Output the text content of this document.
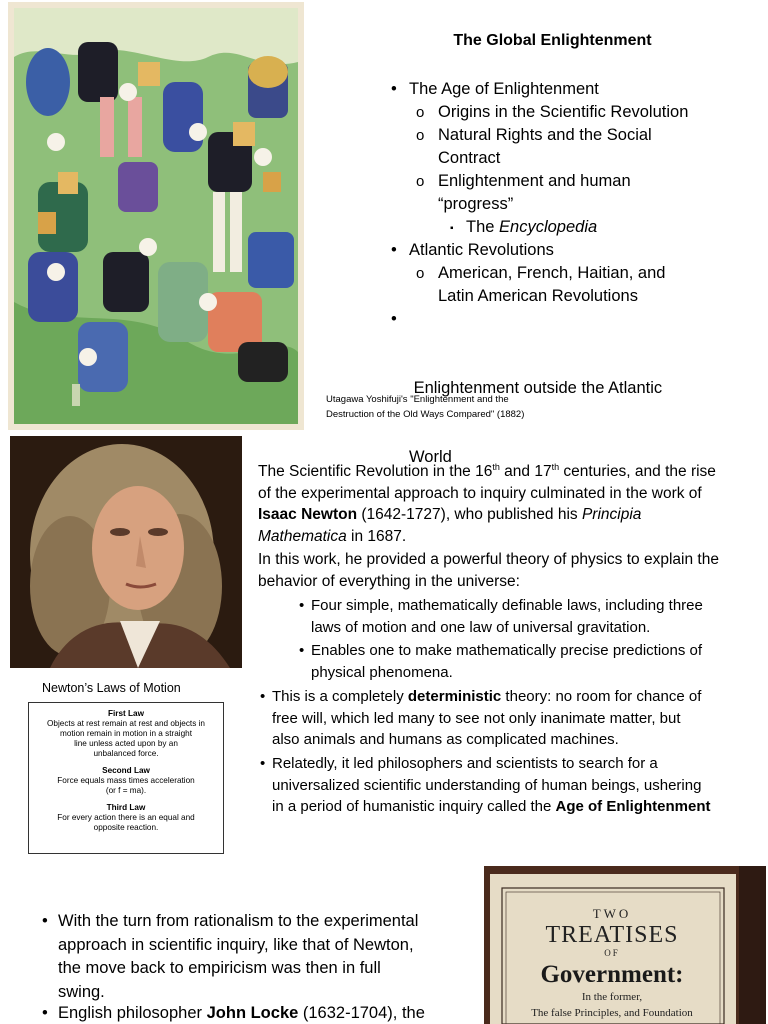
The Global Enlightenment
• The Age of Enlightenment
o Origins in the Scientific Revolution
o Natural Rights and the Social
Contract
o Enlightenment and human
“progress”
▪ The Encyclopedia
• Atlantic Revolutions
o American, French, Haitian, and
Latin American Revolutions

•

Enlightenment outside the Atlantic

World

Utagawa Yoshifuji's "Enlightenment and the
Destruction of the Old Ways Compared" (1882)
Newton’s Laws of Motion
First Law
Objects at rest remain at rest and objects in
motion remain in motion in a straight
line unless acted upon by an
unbalanced force.
Second Law
Force equals mass times acceleration
(or f = ma).
Third Law
For every action there is an equal and
opposite reaction.
The Scientific Revolution in the 16th and 17th centuries, and the rise
of the experimental approach to inquiry culminated in the work of
Isaac Newton (1642-1727), who published his Principia
Mathematica in 1687.
In this work, he provided a powerful theory of physics to explain the
behavior of everything in the universe:
• Four simple, mathematically definable laws, including three
laws of motion and one law of universal gravitation.
• Enables one to make mathematically precise predictions of
physical phenomena.
• This is a completely deterministic theory: no room for chance of
free will, which led many to see not only inanimate matter, but
also animals and humans as complicated machines.
• Relatedly, it led philosophers and scientists to search for a
universalized scientific understanding of human beings, ushering
in a period of humanistic inquiry called the Age of Enlightenment
• With the turn from rationalism to the experimental
approach in scientific inquiry, like that of Newton,
the move back to empiricism was then in full
swing.
• English philosopher John Locke (1632-1704), the
TWO
TREATISES
OF
Government:
In the former,
The false Principles, and Foundation
